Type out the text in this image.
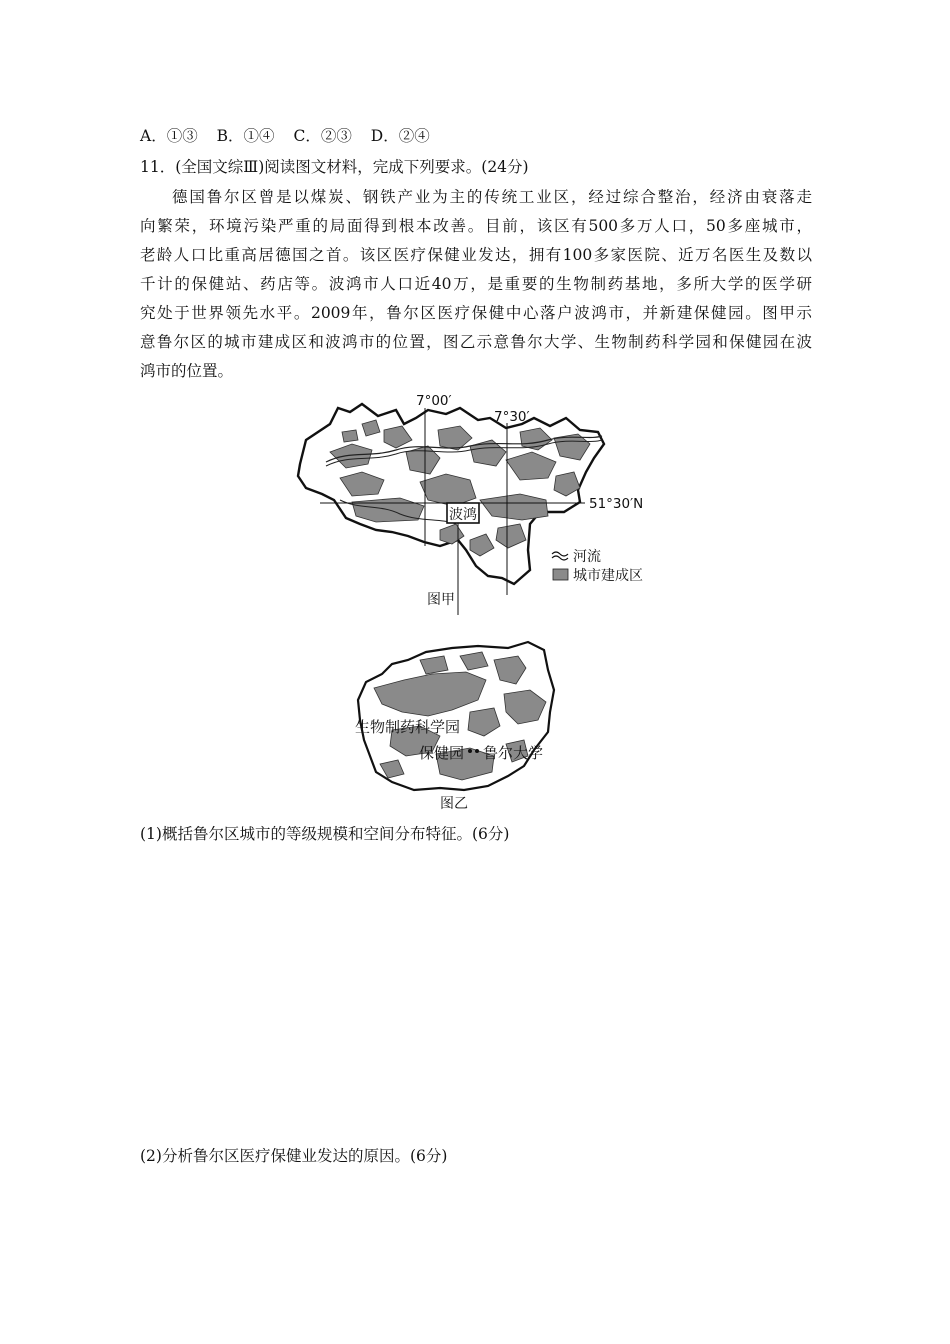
A．①③ B．①④ C．②③ D．②④
11．(全国文综Ⅲ)阅读图文材料，完成下列要求。(24分)
德国鲁尔区曾是以煤炭、钢铁产业为主的传统工业区，经过综合整治，经济由衰落走
向繁荣，环境污染严重的局面得到根本改善。目前，该区有500多万人口，50多座城市，
老龄人口比重高居德国之首。该区医疗保健业发达，拥有100多家医院、近万名医生及数以
千计的保健站、药店等。波鸿市人口近40万，是重要的生物制药基地，多所大学的医学研
究处于世界领先水平。2009年，鲁尔区医疗保健中心落户波鸿市，并新建保健园。图甲示
意鲁尔区的城市建成区和波鸿市的位置，图乙示意鲁尔大学、生物制药科学园和保健园在波
鸿市的位置。
波鸿
7°00′
7°30′
51°30′N
河流
城市建成区
图甲
生物制药科学园
保健园 鲁尔大学
图乙
(1)概括鲁尔区城市的等级规模和空间分布特征。(6分)
(2)分析鲁尔区医疗保健业发达的原因。(6分)
